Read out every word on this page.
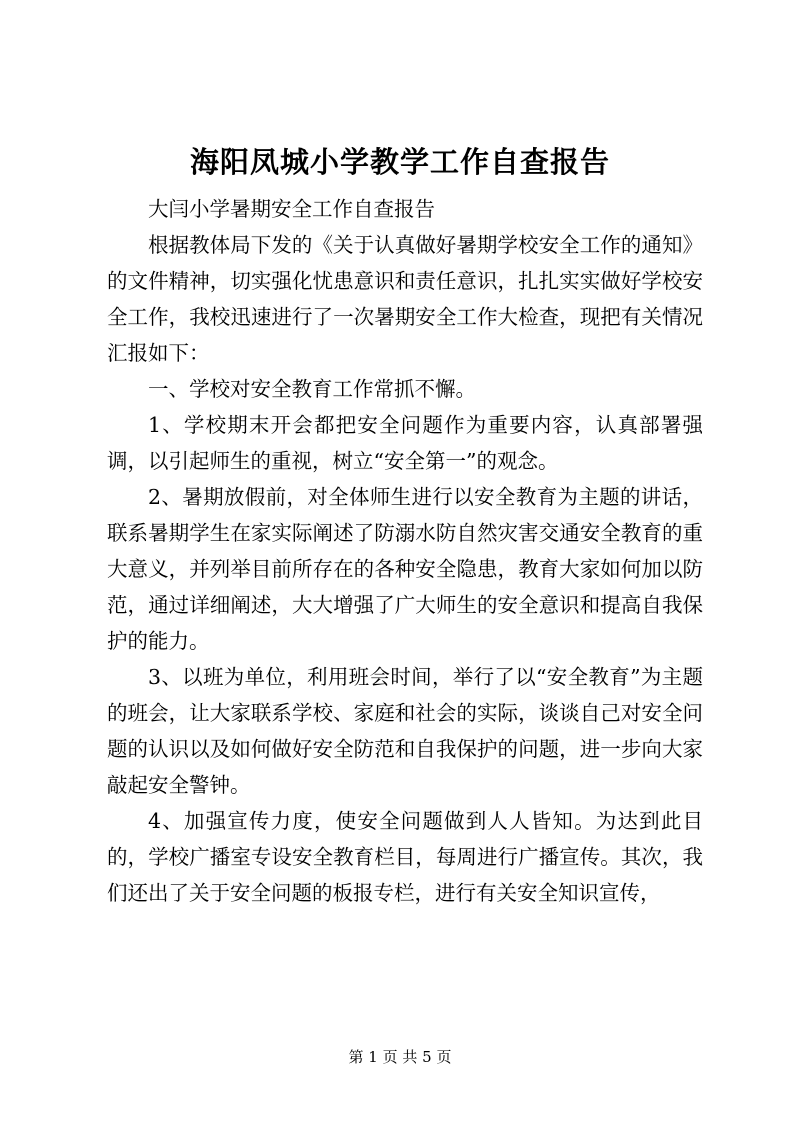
海阳凤城小学教学工作自查报告

大闫小学暑期安全工作自查报告

根据教体局下发的《关于认真做好暑期学校安全工作的通知》的文件精神，切实强化忧患意识和责任意识，扎扎实实做好学校安全工作，我校迅速进行了一次暑期安全工作大检查，现把有关情况汇报如下：

一、学校对安全教育工作常抓不懈。

1、学校期末开会都把安全问题作为重要内容，认真部署强调，以引起师生的重视，树立“安全第一”的观念。

2、暑期放假前，对全体师生进行以安全教育为主题的讲话，联系暑期学生在家实际阐述了防溺水防自然灾害交通安全教育的重大意义，并列举目前所存在的各种安全隐患，教育大家如何加以防范，通过详细阐述，大大增强了广大师生的安全意识和提高自我保护的能力。

3、以班为单位，利用班会时间，举行了以“安全教育”为主题的班会，让大家联系学校、家庭和社会的实际，谈谈自己对安全问题的认识以及如何做好安全防范和自我保护的问题，进一步向大家敲起安全警钟。

4、加强宣传力度，使安全问题做到人人皆知。为达到此目的，学校广播室专设安全教育栏目，每周进行广播宣传。其次，我们还出了关于安全问题的板报专栏，进行有关安全知识宣传，

第 1 页 共 5 页
